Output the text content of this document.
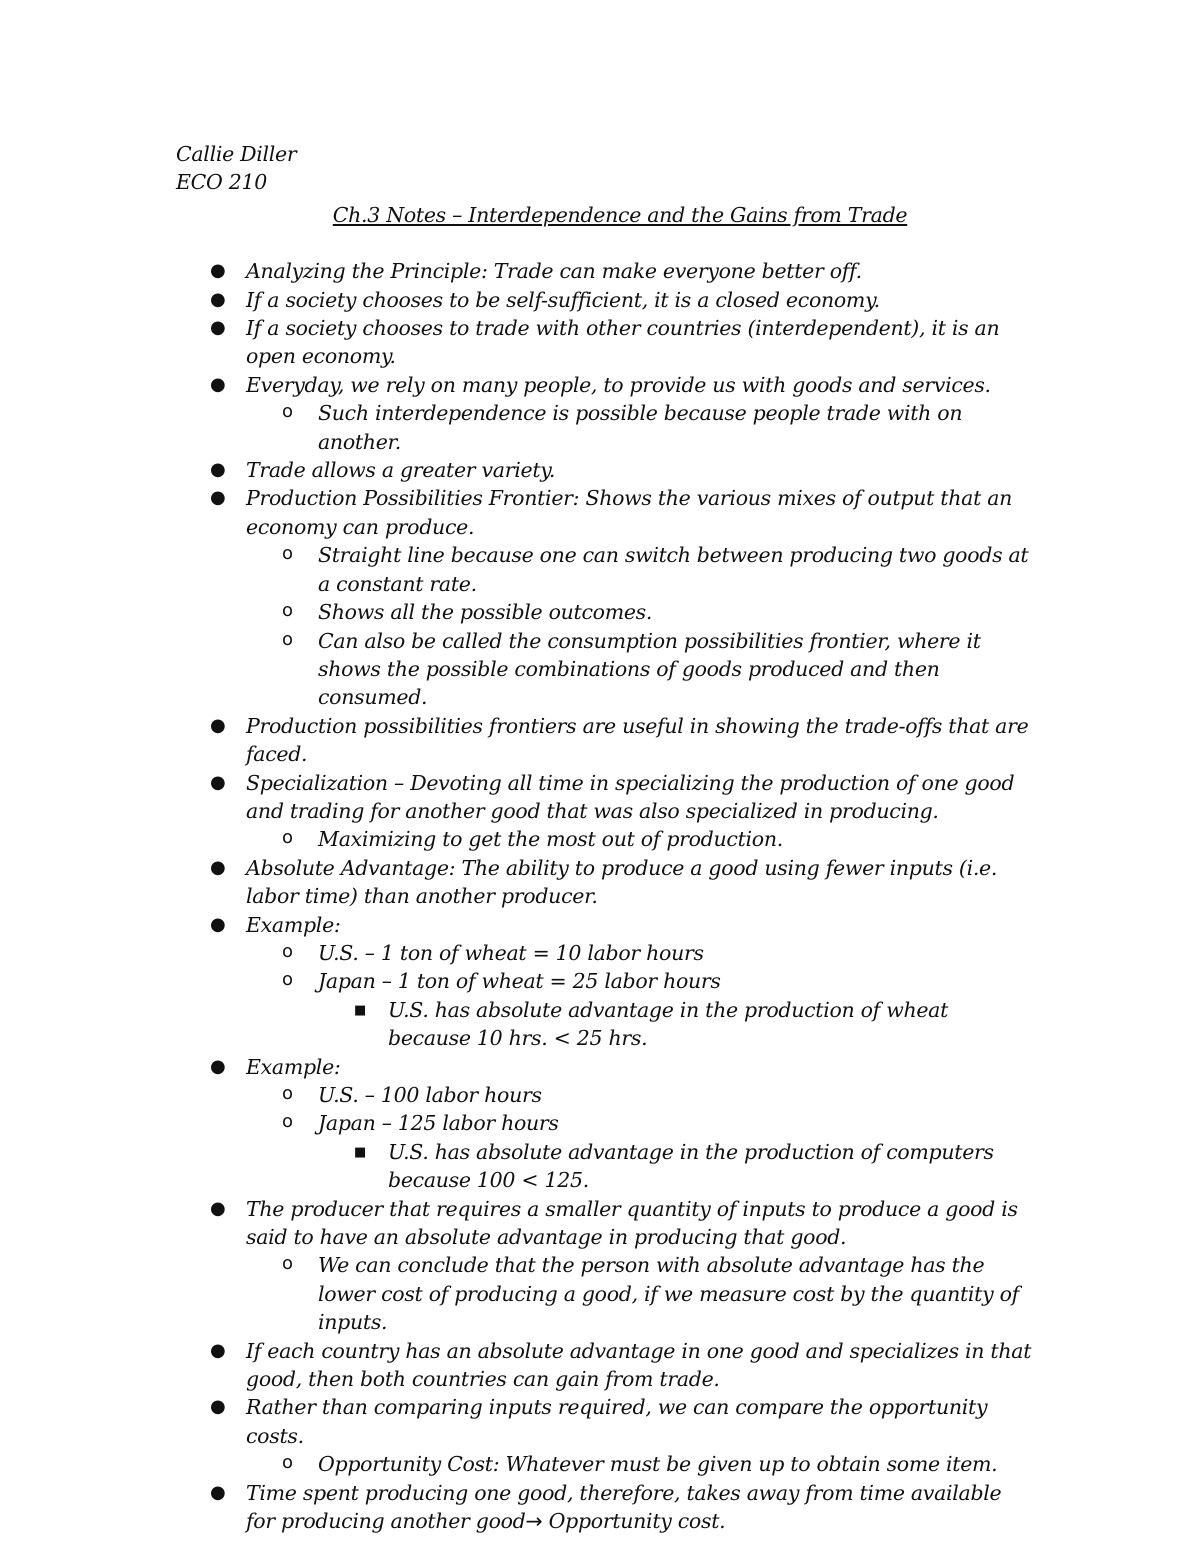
Callie Diller
ECO 210
Ch.3 Notes – Interdependence and the Gains from Trade
● Analyzing the Principle: Trade can make everyone better off.
● If a society chooses to be self-sufficient, it is a closed economy.
● If a society chooses to trade with other countries (interdependent), it is an open economy.
● Everyday, we rely on many people, to provide us with goods and services.
o Such interdependence is possible because people trade with on another.
● Trade allows a greater variety.
● Production Possibilities Frontier: Shows the various mixes of output that an economy can produce.
o Straight line because one can switch between producing two goods at a constant rate.
o Shows all the possible outcomes.
o Can also be called the consumption possibilities frontier, where it shows the possible combinations of goods produced and then consumed.
● Production possibilities frontiers are useful in showing the trade-offs that are faced.
● Specialization – Devoting all time in specializing the production of one good and trading for another good that was also specialized in producing.
o Maximizing to get the most out of production.
● Absolute Advantage: The ability to produce a good using fewer inputs (i.e. labor time) than another producer.
● Example:
o U.S. – 1 ton of wheat = 10 labor hours
o Japan – 1 ton of wheat = 25 labor hours
■ U.S. has absolute advantage in the production of wheat because 10 hrs. < 25 hrs.
● Example:
o U.S. – 100 labor hours
o Japan – 125 labor hours
■ U.S. has absolute advantage in the production of computers because 100 < 125.
● The producer that requires a smaller quantity of inputs to produce a good is said to have an absolute advantage in producing that good.
o We can conclude that the person with absolute advantage has the lower cost of producing a good, if we measure cost by the quantity of inputs.
● If each country has an absolute advantage in one good and specializes in that good, then both countries can gain from trade.
● Rather than comparing inputs required, we can compare the opportunity costs.
o Opportunity Cost: Whatever must be given up to obtain some item.
● Time spent producing one good, therefore, takes away from time available for producing another good→ Opportunity cost.
